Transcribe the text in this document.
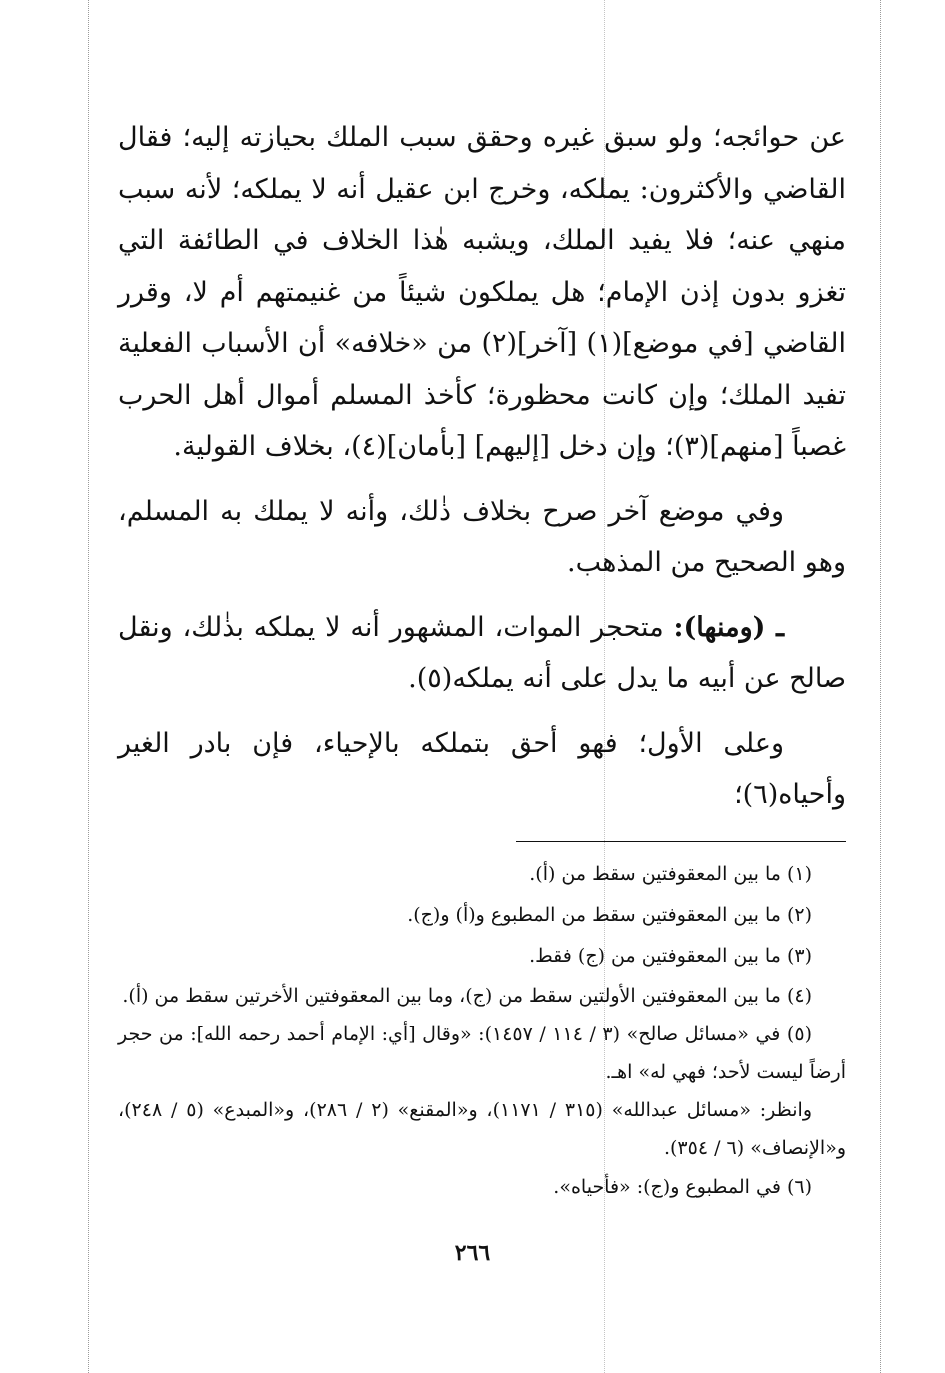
عن حوائجه؛ ولو سبق غيره وحقق سبب الملك بحيازته إليه؛ فقال القاضي والأكثرون: يملكه، وخرج ابن عقيل أنه لا يملكه؛ لأنه سبب منهي عنه؛ فلا يفيد الملك، ويشبه هٰذا الخلاف في الطائفة التي تغزو بدون إذن الإمام؛ هل يملكون شيئاً من غنيمتهم أم لا، وقرر القاضي [في موضع](١) [آخر](٢) من «خلافه» أن الأسباب الفعلية تفيد الملك؛ وإن كانت محظورة؛ كأخذ المسلم أموال أهل الحرب غصباً [منهم](٣)؛ وإن دخل [إليهم] [بأمان](٤)، بخلاف القولية.

وفي موضع آخر صرح بخلاف ذٰلك، وأنه لا يملك به المسلم، وهو الصحيح من المذهب.

ـ (ومنها): متحجر الموات، المشهور أنه لا يملكه بذٰلك، ونقل صالح عن أبيه ما يدل على أنه يملكه(٥).

وعلى الأول؛ فهو أحق بتملكه بالإحياء، فإن بادر الغير وأحياه(٦)؛

(١) ما بين المعقوفتين سقط من (أ).

(٢) ما بين المعقوفتين سقط من المطبوع و(أ) و(ج).

(٣) ما بين المعقوفتين من (ج) فقط.

(٤) ما بين المعقوفتين الأولتين سقط من (ج)، وما بين المعقوفتين الأخرتين سقط من (أ).

(٥) في «مسائل صالح» (٣ / ١١٤ / ١٤٥٧): «وقال [أي: الإمام أحمد رحمه الله]: من حجر أرضاً ليست لأحد؛ فهي له» اهـ.

وانظر: «مسائل عبدالله» (٣١٥ / ١١٧١)، و«المقنع» (٢ / ٢٨٦)، و«المبدع» (٥ / ٢٤٨)، و«الإنصاف» (٦ / ٣٥٤).

(٦) في المطبوع و(ج): «فأحياه».

٢٦٦
